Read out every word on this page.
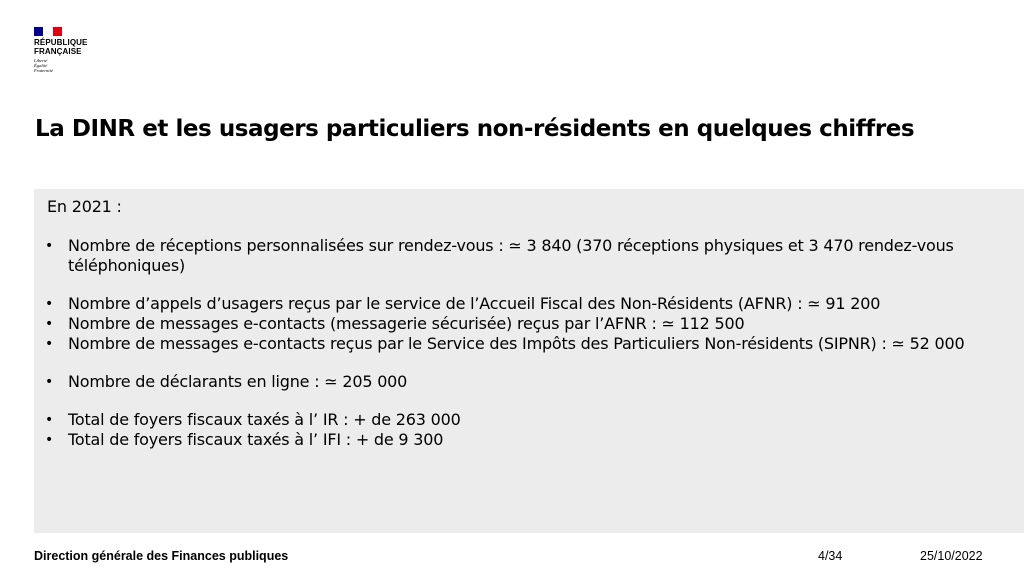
RÉPUBLIQUE
FRANÇAISE
Liberté
Égalité
Fraternité
La DINR et les usagers particuliers non-résidents en quelques chiffres
En 2021 :
• Nombre de réceptions personnalisées sur rendez-vous : ≃ 3 840 (370 réceptions physiques et 3 470 rendez-vous téléphoniques)
• Nombre d’appels d’usagers reçus par le service de l’Accueil Fiscal des Non-Résidents (AFNR) : ≃ 91 200
• Nombre de messages e-contacts (messagerie sécurisée) reçus par l’AFNR : ≃ 112 500
• Nombre de messages e-contacts reçus par le Service des Impôts des Particuliers Non-résidents (SIPNR) : ≃ 52 000
• Nombre de déclarants en ligne : ≃ 205 000
• Total de foyers fiscaux taxés à l’ IR : + de 263 000
• Total de foyers fiscaux taxés à l’ IFI : + de 9 300
Direction générale des Finances publiques	4/34	25/10/2022
